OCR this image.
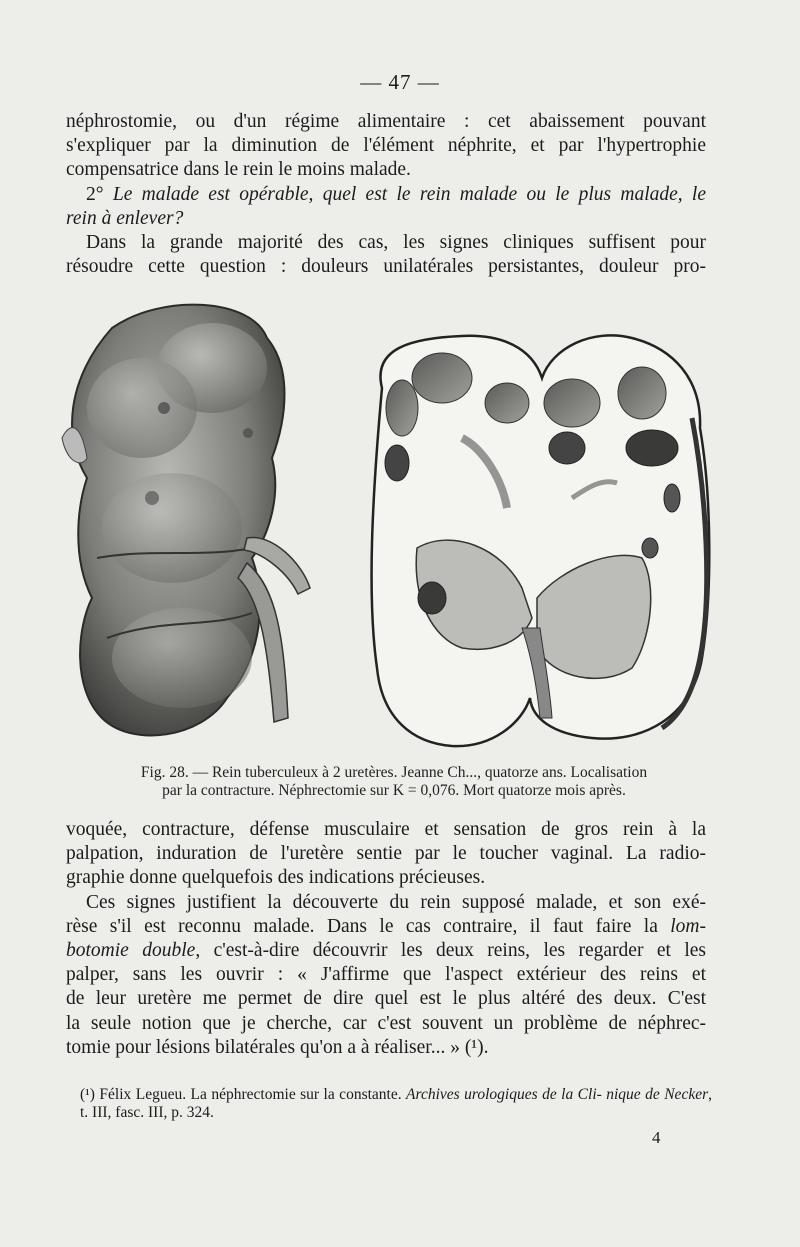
— 47 —

néphrostomie, ou d'un régime alimentaire : cet abaissement pouvant

s'expliquer par la diminution de l'élément néphrite, et par l'hypertrophie

compensatrice dans le rein le moins malade.

2° Le malade est opérable, quel est le rein malade ou le plus malade, le

rein à enlever?

Dans la grande majorité des cas, les signes cliniques suffisent pour

résoudre cette question : douleurs unilatérales persistantes, douleur pro-

Fig. 28. — Rein tuberculeux à 2 uretères. Jeanne Ch..., quatorze ans. Localisation
par la contracture. Néphrectomie sur K = 0,076. Mort quatorze mois après.

voquée, contracture, défense musculaire et sensation de gros rein à la

palpation, induration de l'uretère sentie par le toucher vaginal. La radio-

graphie donne quelquefois des indications précieuses.

Ces signes justifient la découverte du rein supposé malade, et son exé-

rèse s'il est reconnu malade. Dans le cas contraire, il faut faire la lom-

botomie double, c'est-à-dire découvrir les deux reins, les regarder et les

palper, sans les ouvrir : « J'affirme que l'aspect extérieur des reins et

de leur uretère me permet de dire quel est le plus altéré des deux. C'est

la seule notion que je cherche, car c'est souvent un problème de néphrec-

tomie pour lésions bilatérales qu'on a à réaliser... » (¹).

(¹) Félix Legueu. La néphrectomie sur la constante. Archives urologiques de la Cli- nique de Necker, t. III, fasc. III, p. 324.
4
